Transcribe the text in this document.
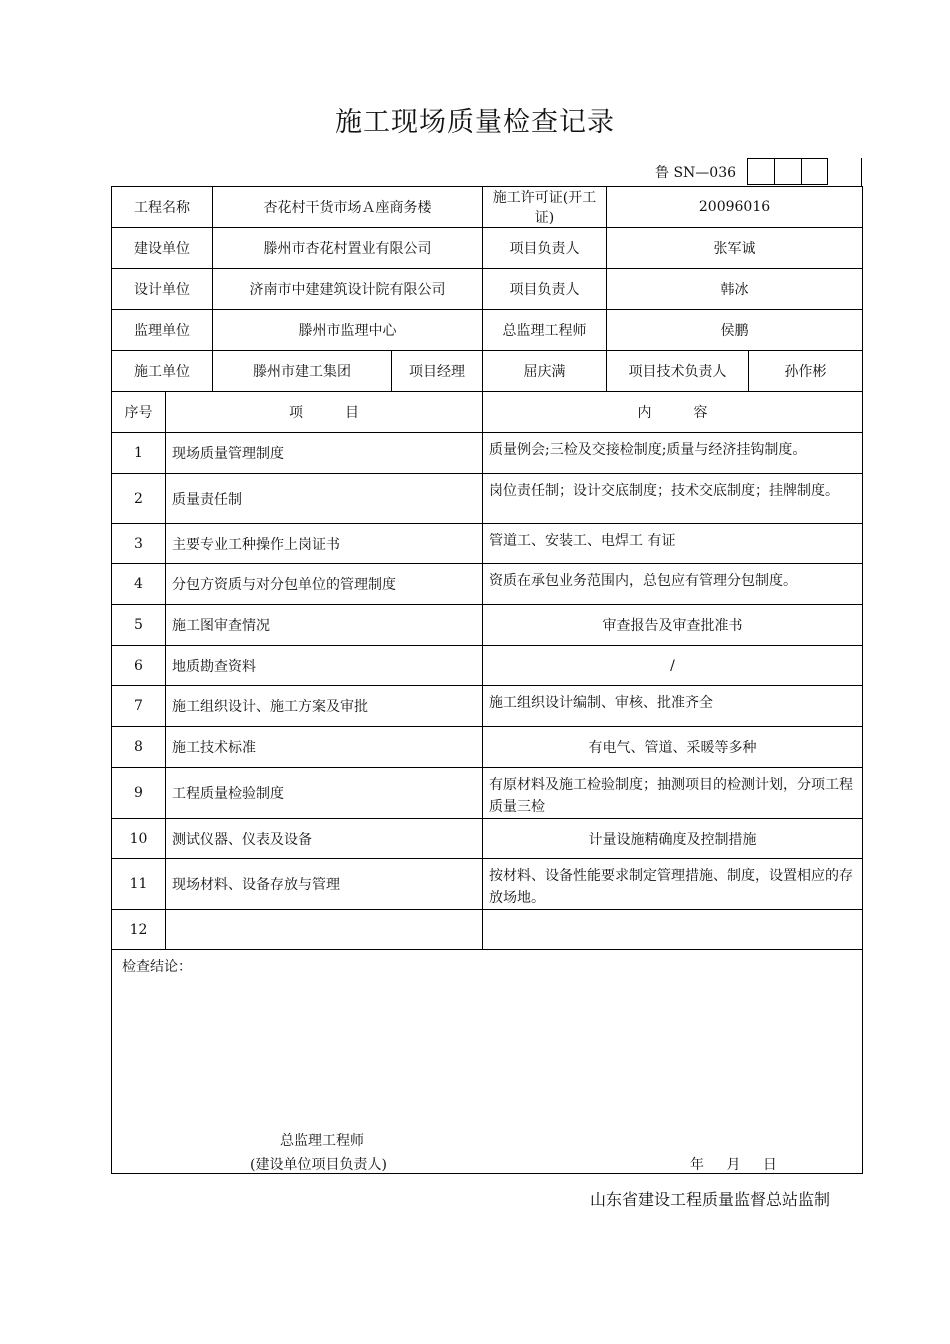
施工现场质量检查记录
鲁 SN—036
工程名称		杏花村干货市场Ａ座商务楼		施工许可证(开工证)	20096016	
建设单位		滕州市杏花村置业有限公司		项目负责人	张军诚	
设计单位		济南市中建建筑设计院有限公司		项目负责人	韩冰	
监理单位		滕州市监理中心		总监理工程师	侯鹏	
施工单位		滕州市建工集团	项目经理	屈庆满	项目技术负责人	孙作彬
序号	项　　　目			内　　　容		
1	现场质量管理制度			质量例会;三检及交接检制度;质量与经济挂钩制度。		
2	质量责任制			岗位责任制；设计交底制度；技术交底制度；挂牌制度。		
3	主要专业工种操作上岗证书			管道工、安装工、电焊工 有证		
4	分包方资质与对分包单位的管理制度			资质在承包业务范围内，总包应有管理分包制度。		
5	施工图审查情况			审查报告及审查批准书		
6	地质勘查资料			/		
7	施工组织设计、施工方案及审批			施工组织设计编制、审核、批准齐全		
8	施工技术标准			有电气、管道、采暖等多种		
9	工程质量检验制度			有原材料及施工检验制度；抽测项目的检测计划，分项工程质量三检		
10	测试仪器、仪表及设备			计量设施精确度及控制措施		
11	现场材料、设备存放与管理			按材料、设备性能要求制定管理措施、制度，设置相应的存放场地。		
12						

检查结论：
总监理工程师
(建设单位项目负责人) 年 月 日						
山东省建设工程质量监督总站监制
